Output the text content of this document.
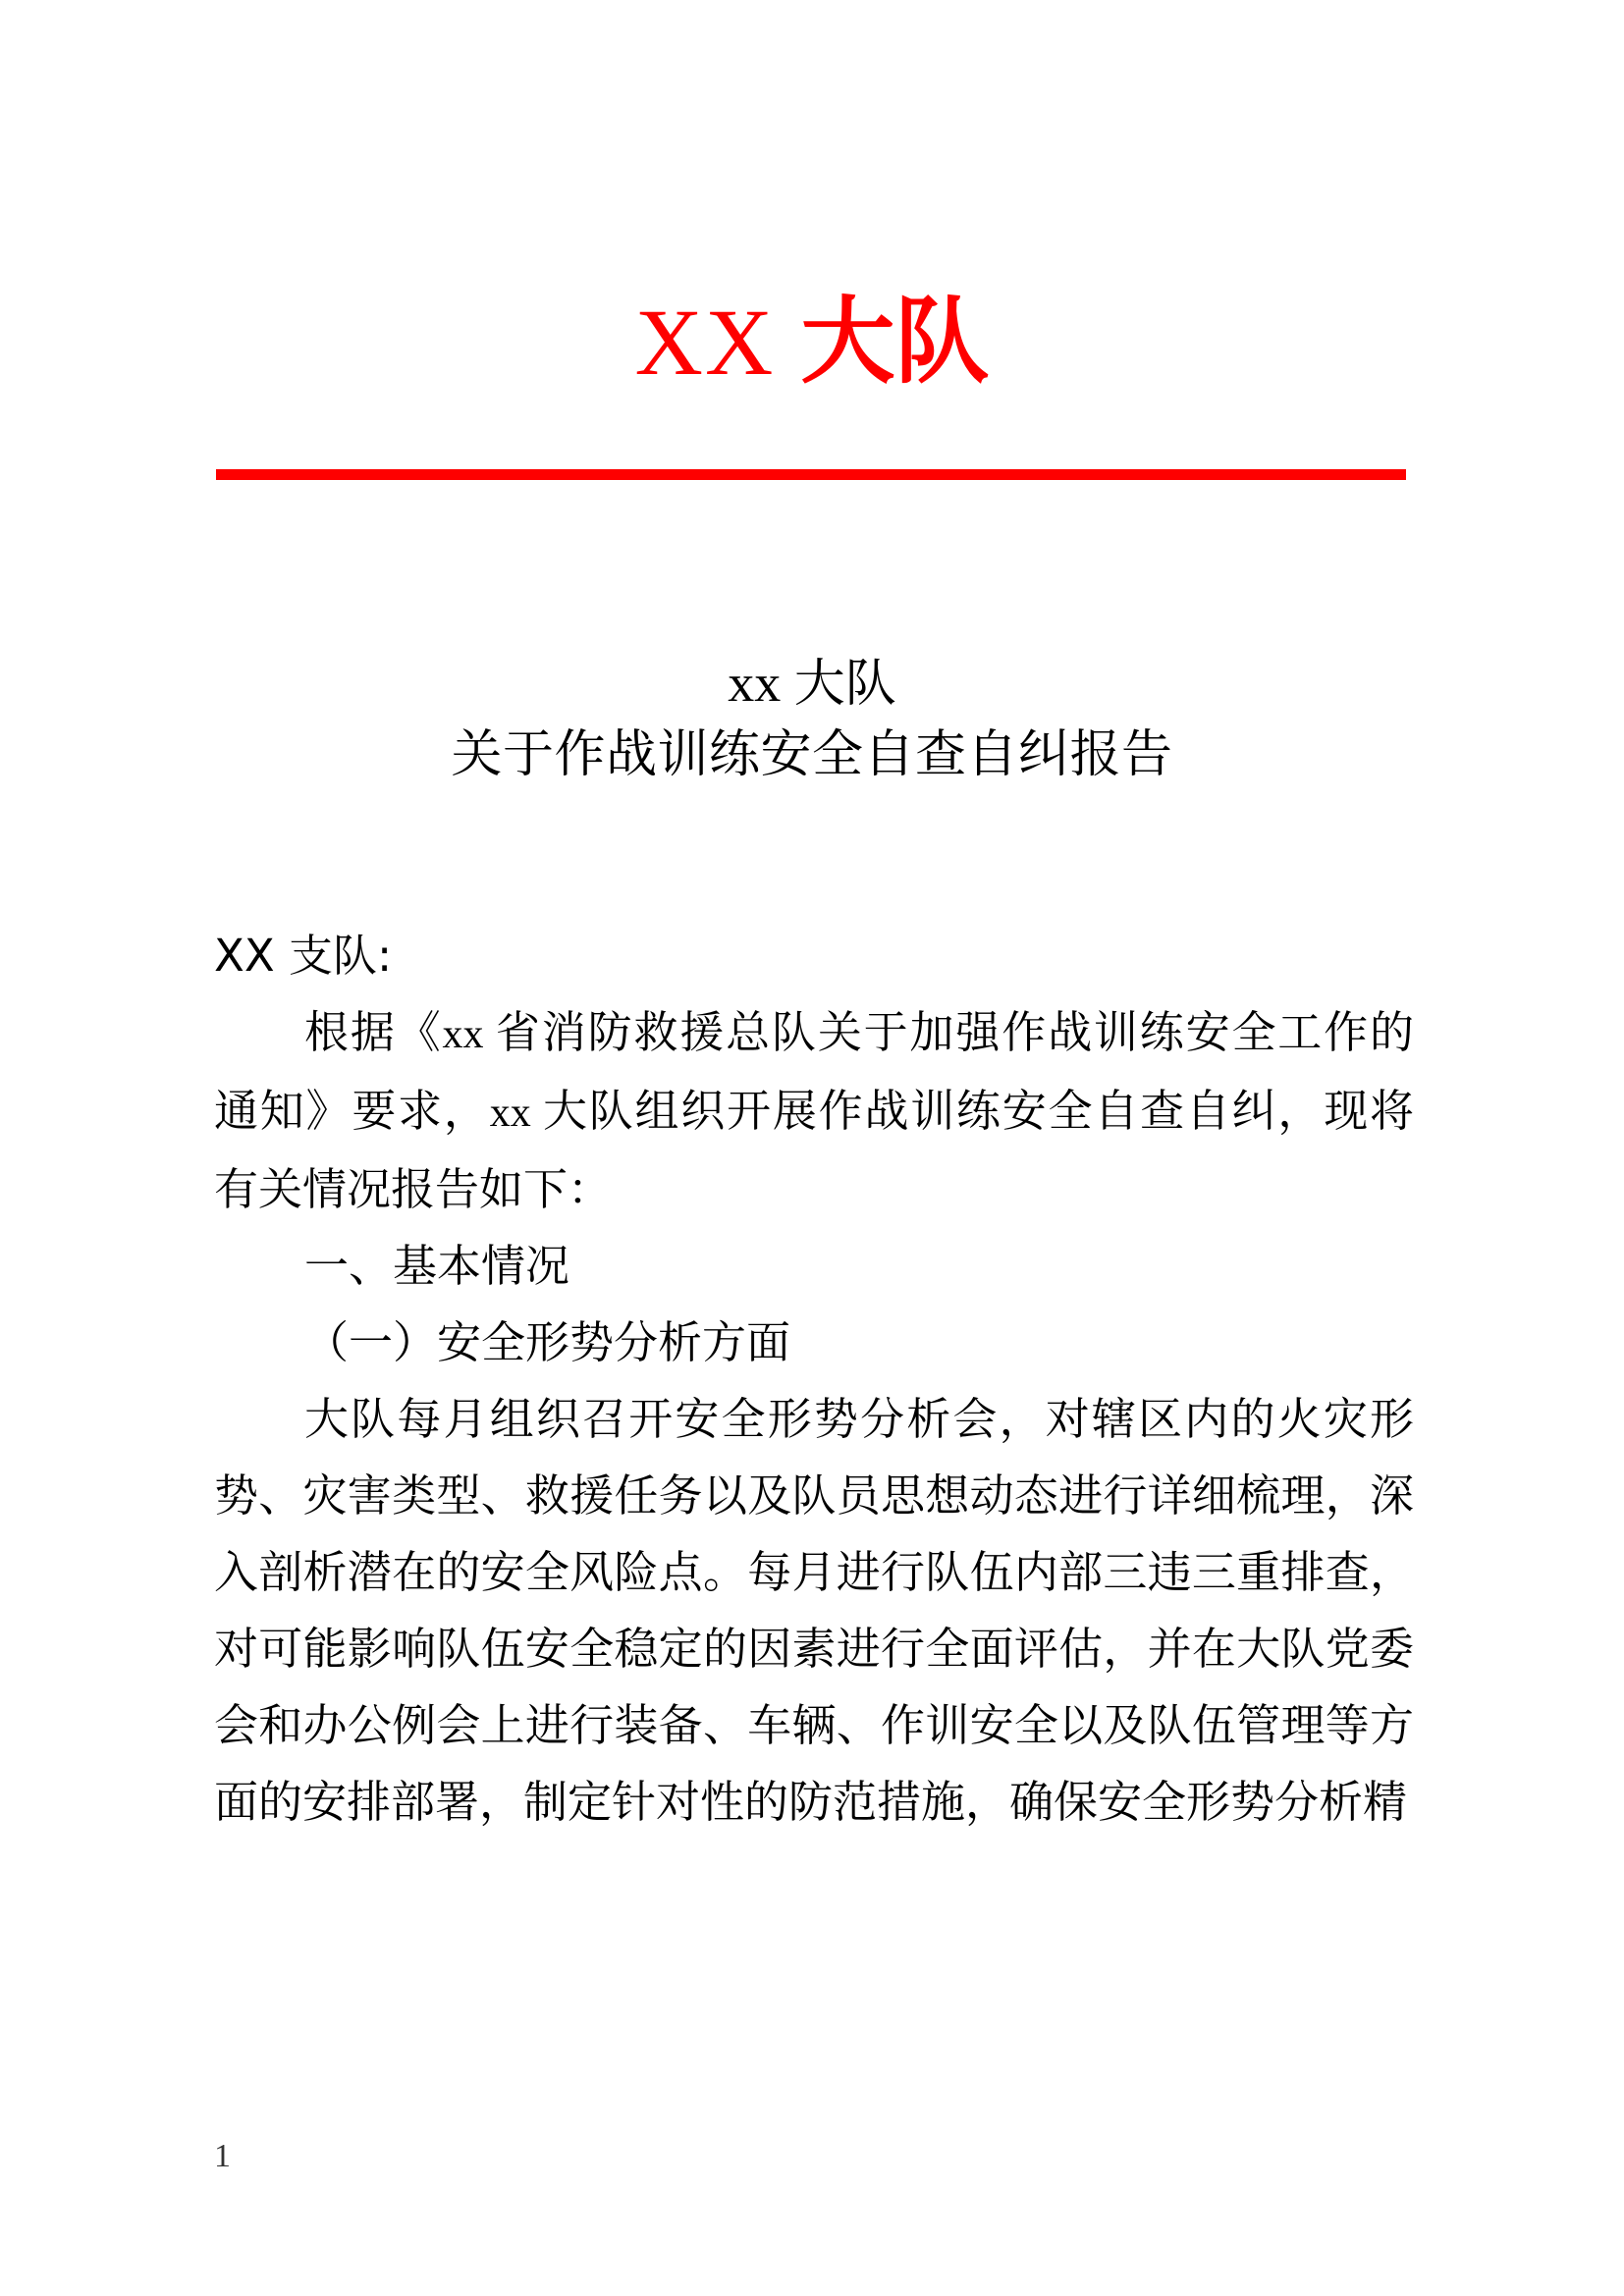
XX 大队
xx 大队
关于作战训练安全自查自纠报告

XX 支队:

根据《xx 省消防救援总队关于加强作战训练安全工作的通知》要求，xx 大队组织开展作战训练安全自查自纠，现将有关情况报告如下：

一、基本情况

（一）安全形势分析方面

大队每月组织召开安全形势分析会，对辖区内的火灾形势、灾害类型、救援任务以及队员思想动态进行详细梳理，深入剖析潜在的安全风险点。每月进行队伍内部三违三重排查，对可能影响队伍安全稳定的因素进行全面评估，并在大队党委会和办公例会上进行装备、车辆、作训安全以及队伍管理等方面的安排部署，制定针对性的防范措施，确保安全形势分析精

1
